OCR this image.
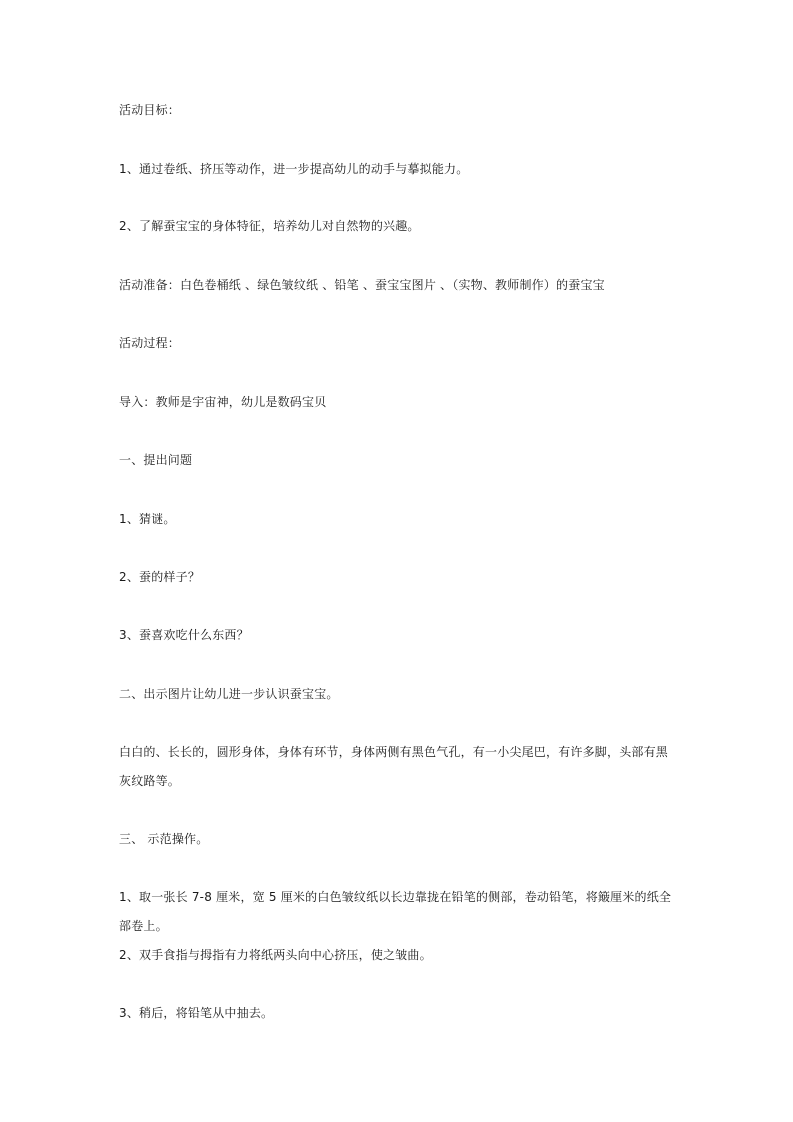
活动目标：
1、通过卷纸、挤压等动作，进一步提高幼儿的动手与摹拟能力。
2、了解蚕宝宝的身体特征，培养幼儿对自然物的兴趣。
活动准备：白色卷桶纸 、绿色皱纹纸 、铅笔 、蚕宝宝图片 、（实物、教师制作）的蚕宝宝
活动过程：
导入：教师是宇宙神，幼儿是数码宝贝
一、提出问题
1、猜谜。
2、蚕的样子？
3、蚕喜欢吃什么东西？
二、出示图片让幼儿进一步认识蚕宝宝。
白白的、长长的，圆形身体，身体有环节，身体两侧有黑色气孔，有一小尖尾巴，有许多脚，头部有黑灰纹路等。
三、 示范操作。
1、取一张长 7-8 厘米，宽 5 厘米的白色皱纹纸以长边靠拢在铅笔的侧部，卷动铅笔，将簸厘米的纸全部卷上。
2、双手食指与拇指有力将纸两头向中心挤压，使之皱曲。
3、稍后，将铅笔从中抽去。
